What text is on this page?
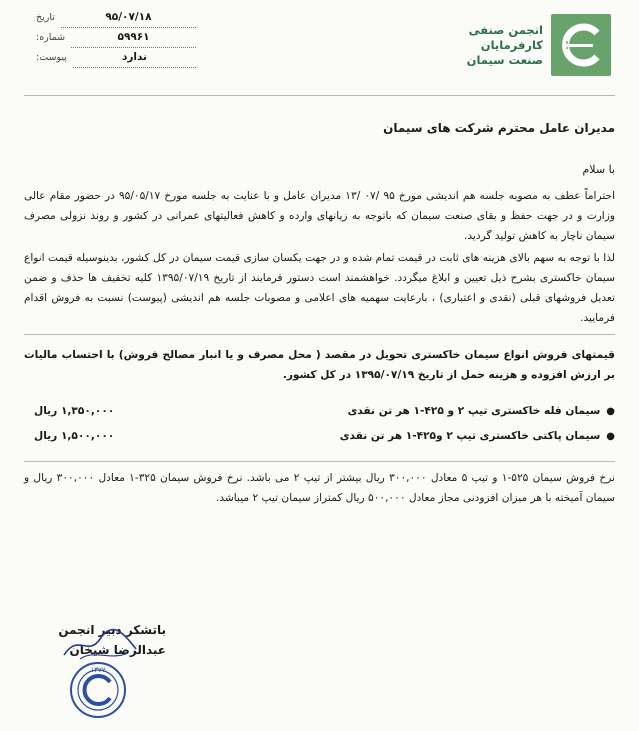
۹۵/۰۷/۱۸
تاریخ
۵۹۹۶۱
شماره:
ندارد
پیوست:
انجمن صنفی
کارفرمایان
صنعت سیمان

مدیران عامل محترم شرکت های سیمان

با سلام

احتراماً عطف به مصوبه جلسه هم اندیشی مورخ ۹۵ /۰۷ /۱۳ مدیران عامل و با عنایت به جلسه مورخ ۹۵/۰۵/۱۷ در حضور مقام عالی وزارت و در جهت حفظ و بقای صنعت سیمان که باتوجه به زیانهای وارده و کاهش فعالیتهای عمرانی در کشور و روند نزولی مصرف سیمان ناچار به کاهش تولید گردید.

لذا با توجه به سهم بالای هزینه های ثابت در قیمت تمام شده و در جهت یکسان سازی قیمت سیمان در کل کشور، بدینوسیله قیمت انواع سیمان خاکستری بشرح ذیل تعیین و ابلاغ میگردد. خواهشمند است دستور فرمایند از تاریخ ۱۳۹۵/۰۷/۱۹ کلیه تخفیف ها حذف و ضمن تعدیل فروشهای قبلی (نقدی و اعتباری) ، بارعایت سهمیه های اعلامی و مصوبات جلسه هم اندیشی (پیوست) نسبت به فروش اقدام فرمایید.

قیمتهای فروش انواع سیمان خاکستری تحویل در مقصد ( محل مصرف و یا انبار مصالح فروش) با احتساب مالیات بر ارزش افزوده و هزینه حمل از تاریخ ۱۳۹۵/۰۷/۱۹ در کل کشور.

●
سیمان فله خاکستری تیپ ۲ و ۴۲۵-۱ هر تن نقدی
۱,۳۵۰,۰۰۰ ریال
●
سیمان پاکتی خاکستری تیپ ۲ و۴۲۵-۱ هر تن نقدی
۱,۵۰۰,۰۰۰ ریال

نرخ فروش سیمان ۵۲۵-۱ و تیپ ۵ معادل ۳۰۰,۰۰۰ ریال بیشتر از تیپ ۲ می باشد. نرخ فروش سیمان ۳۲۵-۱ معادل ۳۰۰,۰۰۰ ریال و سیمان آمیخته با هر میزان افزودنی مجاز معادل ۵۰۰,۰۰۰ ریال کمتراز سیمان تیپ ۲ میباشد.

باتشکر دبیر انجمن
عبدالرضا شیخان
۱۳۷۷
